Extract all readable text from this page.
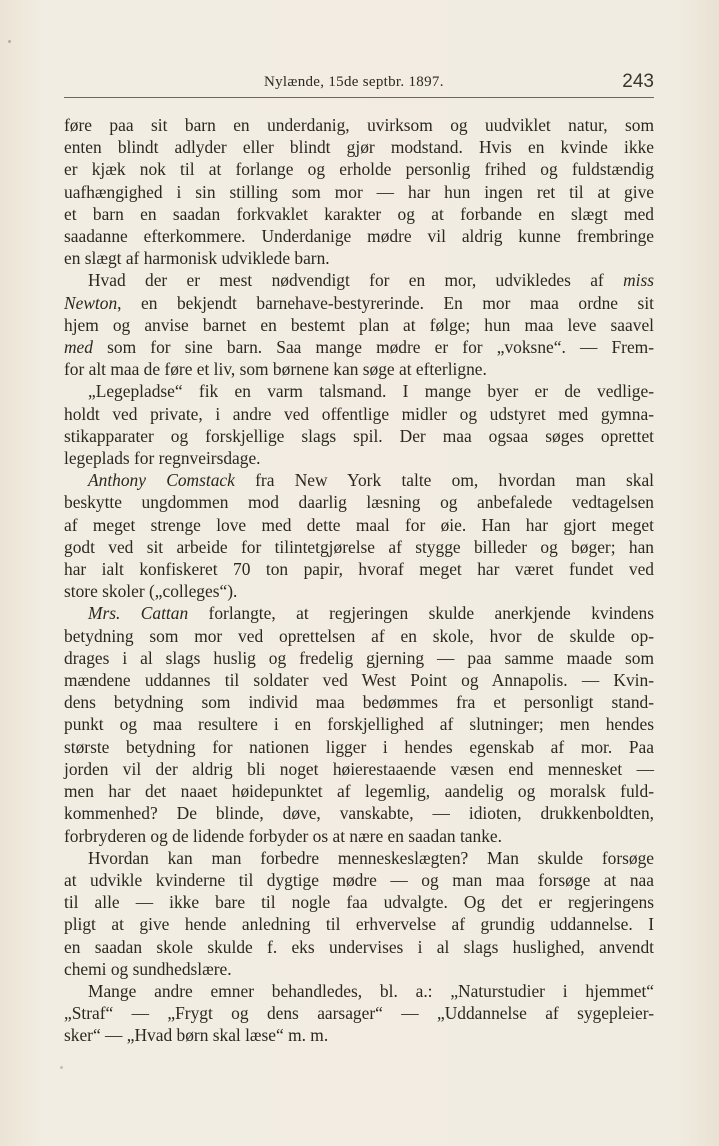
Nylænde, 15de septbr. 1897.	243
føre paa sit barn en underdanig, uvirksom og uudviklet natur, som
enten blindt adlyder eller blindt gjør modstand. Hvis en kvinde ikke
er kjæk nok til at forlange og erholde personlig frihed og fuldstændig
uafhængighed i sin stilling som mor — har hun ingen ret til at give
et barn en saadan forkvaklet karakter og at forbande en slægt med
saadanne efterkommere. Underdanige mødre vil aldrig kunne frembringe
en slægt af harmonisk udviklede barn.
Hvad der er mest nødvendigt for en mor, udvikledes af miss
Newton, en bekjendt barnehave-bestyrerinde. En mor maa ordne sit
hjem og anvise barnet en bestemt plan at følge; hun maa leve saavel
med som for sine barn. Saa mange mødre er for „voksne“. — Frem-
for alt maa de føre et liv, som børnene kan søge at efterligne.
„Legepladse“ fik en varm talsmand. I mange byer er de vedlige-
holdt ved private, i andre ved offentlige midler og udstyret med gymna-
stikapparater og forskjellige slags spil. Der maa ogsaa søges oprettet
legeplads for regnveirsdage.
Anthony Comstack fra New York talte om, hvordan man skal
beskytte ungdommen mod daarlig læsning og anbefalede vedtagelsen
af meget strenge love med dette maal for øie. Han har gjort meget
godt ved sit arbeide for tilintetgjørelse af stygge billeder og bøger; han
har ialt konfiskeret 70 ton papir, hvoraf meget har været fundet ved
store skoler („colleges“).
Mrs. Cattan forlangte, at regjeringen skulde anerkjende kvindens
betydning som mor ved oprettelsen af en skole, hvor de skulde op-
drages i al slags huslig og fredelig gjerning — paa samme maade som
mændene uddannes til soldater ved West Point og Annapolis. — Kvin-
dens betydning som individ maa bedømmes fra et personligt stand-
punkt og maa resultere i en forskjellighed af slutninger; men hendes
største betydning for nationen ligger i hendes egenskab af mor. Paa
jorden vil der aldrig bli noget høierestaaende væsen end mennesket —
men har det naaet høidepunktet af legemlig, aandelig og moralsk fuld-
kommenhed? De blinde, døve, vanskabte, — idioten, drukkenboldten,
forbryderen og de lidende forbyder os at nære en saadan tanke.
Hvordan kan man forbedre menneskeslægten? Man skulde forsøge
at udvikle kvinderne til dygtige mødre — og man maa forsøge at naa
til alle — ikke bare til nogle faa udvalgte. Og det er regjeringens
pligt at give hende anledning til erhvervelse af grundig uddannelse. I
en saadan skole skulde f. eks undervises i al slags huslighed, anvendt
chemi og sundhedslære.
Mange andre emner behandledes, bl. a.: „Naturstudier i hjemmet“
„Straf“ — „Frygt og dens aarsager“ — „Uddannelse af sygepleier-
sker“ — „Hvad børn skal læse“ m. m.
